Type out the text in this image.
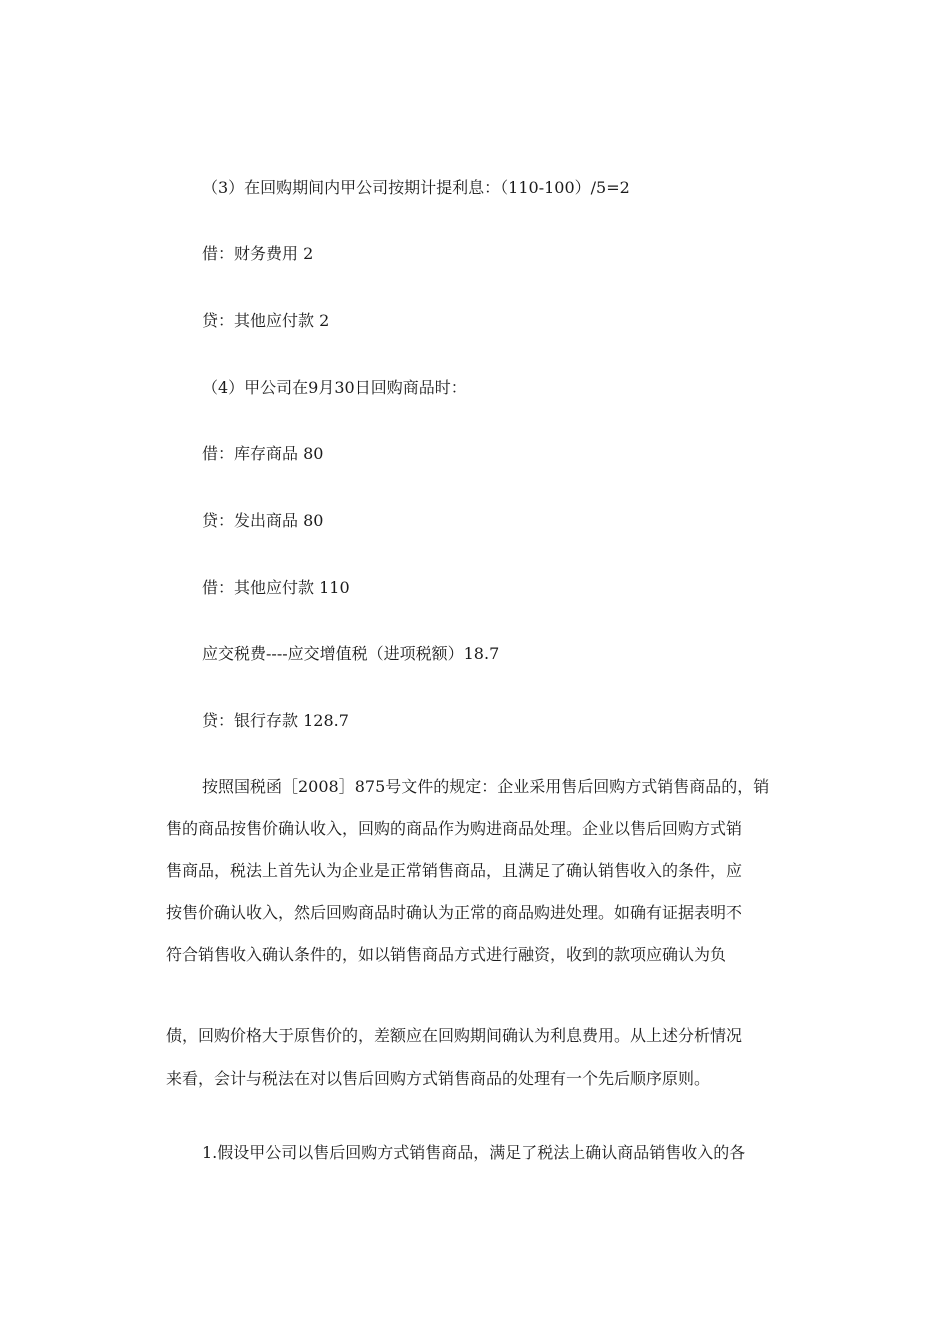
（3）在回购期间内甲公司按期计提利息：（110-100）/5=2

借：财务费用 2

贷：其他应付款 2

（4）甲公司在9月30日回购商品时：

借：库存商品 80

贷：发出商品 80

借：其他应付款 110

应交税费----应交增值税（进项税额）18.7

贷：银行存款 128.7

按照国税函［2008］875号文件的规定：企业采用售后回购方式销售商品的，销
售的商品按售价确认收入，回购的商品作为购进商品处理。企业以售后回购方式销
售商品，税法上首先认为企业是正常销售商品，且满足了确认销售收入的条件，应
按售价确认收入，然后回购商品时确认为正常的商品购进处理。如确有证据表明不
符合销售收入确认条件的，如以销售商品方式进行融资，收到的款项应确认为负
债，回购价格大于原售价的，差额应在回购期间确认为利息费用。从上述分析情况
来看，会计与税法在对以售后回购方式销售商品的处理有一个先后顺序原则。

1.假设甲公司以售后回购方式销售商品，满足了税法上确认商品销售收入的各
